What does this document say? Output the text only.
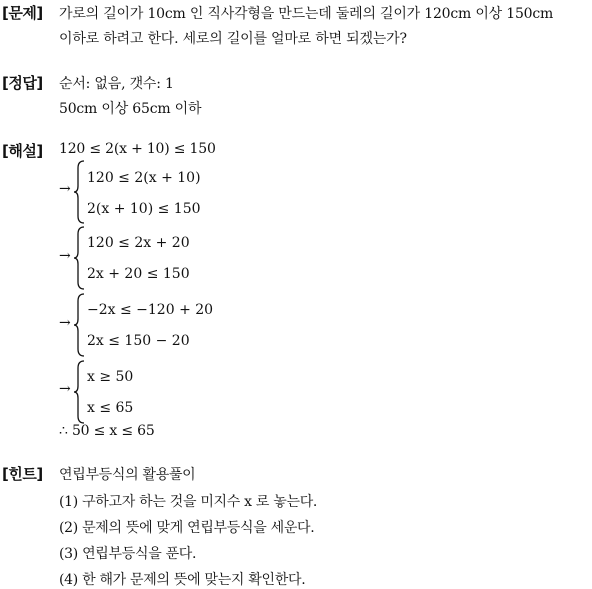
[문제] 가로의 길이가 10cm 인 직사각형을 만드는데 둘레의 길이가 120cm 이상 150cm
이하로 하려고 한다. 세로의 길이를 얼마로 하면 되겠는가?
[정답] 순서: 없음, 갯수: 1
50cm 이상 65cm 이하
[해설] 120 ≤ 2(x + 10) ≤ 150
→
120 ≤ 2(x + 10)
2(x + 10) ≤ 150
→
120 ≤ 2x + 20
2x + 20 ≤ 150
→
−2x ≤ −120 + 20
2x ≤ 150 − 20
→
x ≥ 50
x ≤ 65
∴ 50 ≤ x ≤ 65
[힌트] 연립부등식의 활용풀이
(1) 구하고자 하는 것을 미지수 x 로 놓는다.
(2) 문제의 뜻에 맞게 연립부등식을 세운다.
(3) 연립부등식을 푼다.
(4) 한 해가 문제의 뜻에 맞는지 확인한다.
